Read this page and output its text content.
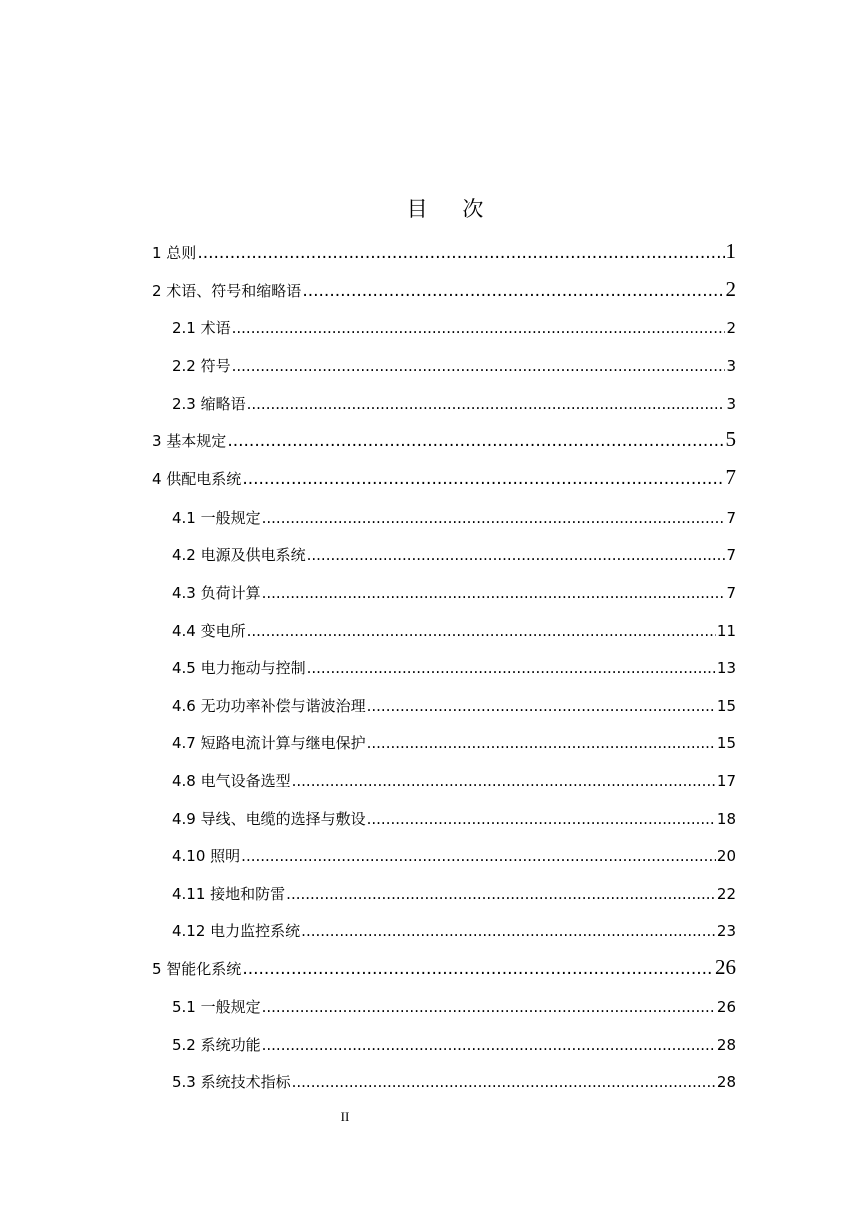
目 次
1 总则 .....	1
2 术语、符号和缩略语 .....	2
2.1 术语 .....	2
2.2 符号 .....	3
2.3 缩略语 .....	3
3 基本规定 .....	5
4 供配电系统 .....	7
4.1 一般规定 .....	7
4.2 电源及供电系统 .....	7
4.3 负荷计算 .....	7
4.4 变电所 .....	11
4.5 电力拖动与控制 .....	13
4.6 无功功率补偿与谐波治理 .....	15
4.7 短路电流计算与继电保护 .....	15
4.8 电气设备选型 .....	17
4.9 导线、电缆的选择与敷设 .....	18
4.10 照明 .....	20
4.11 接地和防雷 .....	22
4.12 电力监控系统 .....	23
5 智能化系统 .....	26
5.1 一般规定 .....	26
5.2 系统功能 .....	28
5.3 系统技术指标 .....	28
II
